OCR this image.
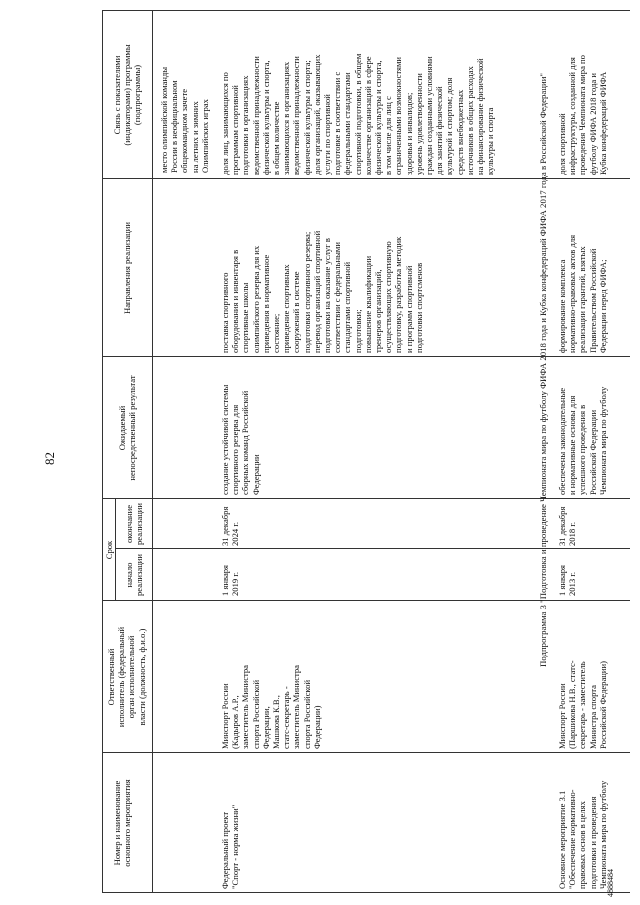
82
Номер и наименование
основного мероприятия
Ответственный
исполнитель (федеральный
орган исполнительной
власти (должность, ф.и.о.)
Срок
начало
реализации
окончание
реализации
Ожидаемый
непосредственный результат
Направления реализации
Связь с показателями
(индикаторами) программы
(подпрограммы)
место олимпийской команды
России в неофициальном
общекомандном зачете
на летних и зимних
Олимпийских играх
Федеральный проект
"Спорт - норма жизни"
Минспорт России
(Кадыров А.Р.,
заместитель Министра
спорта Российской
Федерации,
Машкова К.В.,
статс-секретарь -
заместитель Министра
спорта Российской
Федерации)
1 января
2019 г.
31 декабря
2024 г.
создание устойчивой системы
спортивного резерва для
сборных команд Российской
Федерации
поставка спортивного
оборудования и инвентаря в
спортивные школы
олимпийского резерва для их
приведения в нормативное
состояние;
приведение спортивных
сооружений в системе
подготовки спортивного резерва;
перевод организаций спортивной
подготовки на оказание услуг в
соответствии с федеральными
стандартами спортивной
подготовки;
повышение квалификации
тренеров организаций,
осуществляющих спортивную
подготовку, разработка методик
и программ спортивной
подготовки спортсменов
доля лиц, занимающихся по
программам спортивной
подготовки в организациях
ведомственной принадлежности
физической культуры и спорта,
в общем количестве
занимающихся в организациях
ведомственной принадлежности
физической культуры и спорта;
доля организаций, оказывающих
услуги по спортивной
подготовке в соответствии с
федеральными стандартами
спортивной подготовки, в общем
количестве организаций в сфере
физической культуры и спорта,
в том числе для лиц с
ограниченными возможностями
здоровья и инвалидов;
уровень удовлетворенности
граждан созданными условиями
для занятий физической
культурой и спортом; доля
средств внебюджетных
источников в общих расходах
на финансирование физической
культуры и спорта	Подпрограмма 3 "Подготовка и проведение Чемпионата мира по футболу ФИФА 2018 года и Кубка конфедераций ФИФА 2017 года в Российской Федерации"
Основное мероприятие 3.1
"Обеспечение нормативно-
правовых основ в целях
подготовки и проведения
Чемпионата мира по футболу
Минспорт России
(Паршикова Н.В., статс-
секретарь - заместитель
Министра спорта
Российской Федерации)
1 января
2013 г.
31 декабря
2018 г.
обеспечены законодательные
и нормативные основы для
успешного проведения в
Российской Федерации
Чемпионата мира по футболу
формирование комплекса
нормативно-правовых актов для
реализации гарантий, взятых
Правительством Российской
Федерации перед ФИФА;
доля спортивной
инфраструктуры, созданной для
проведения Чемпионата мира по
футболу ФИФА 2018 года и
Кубка конфедераций ФИФА
4888484
